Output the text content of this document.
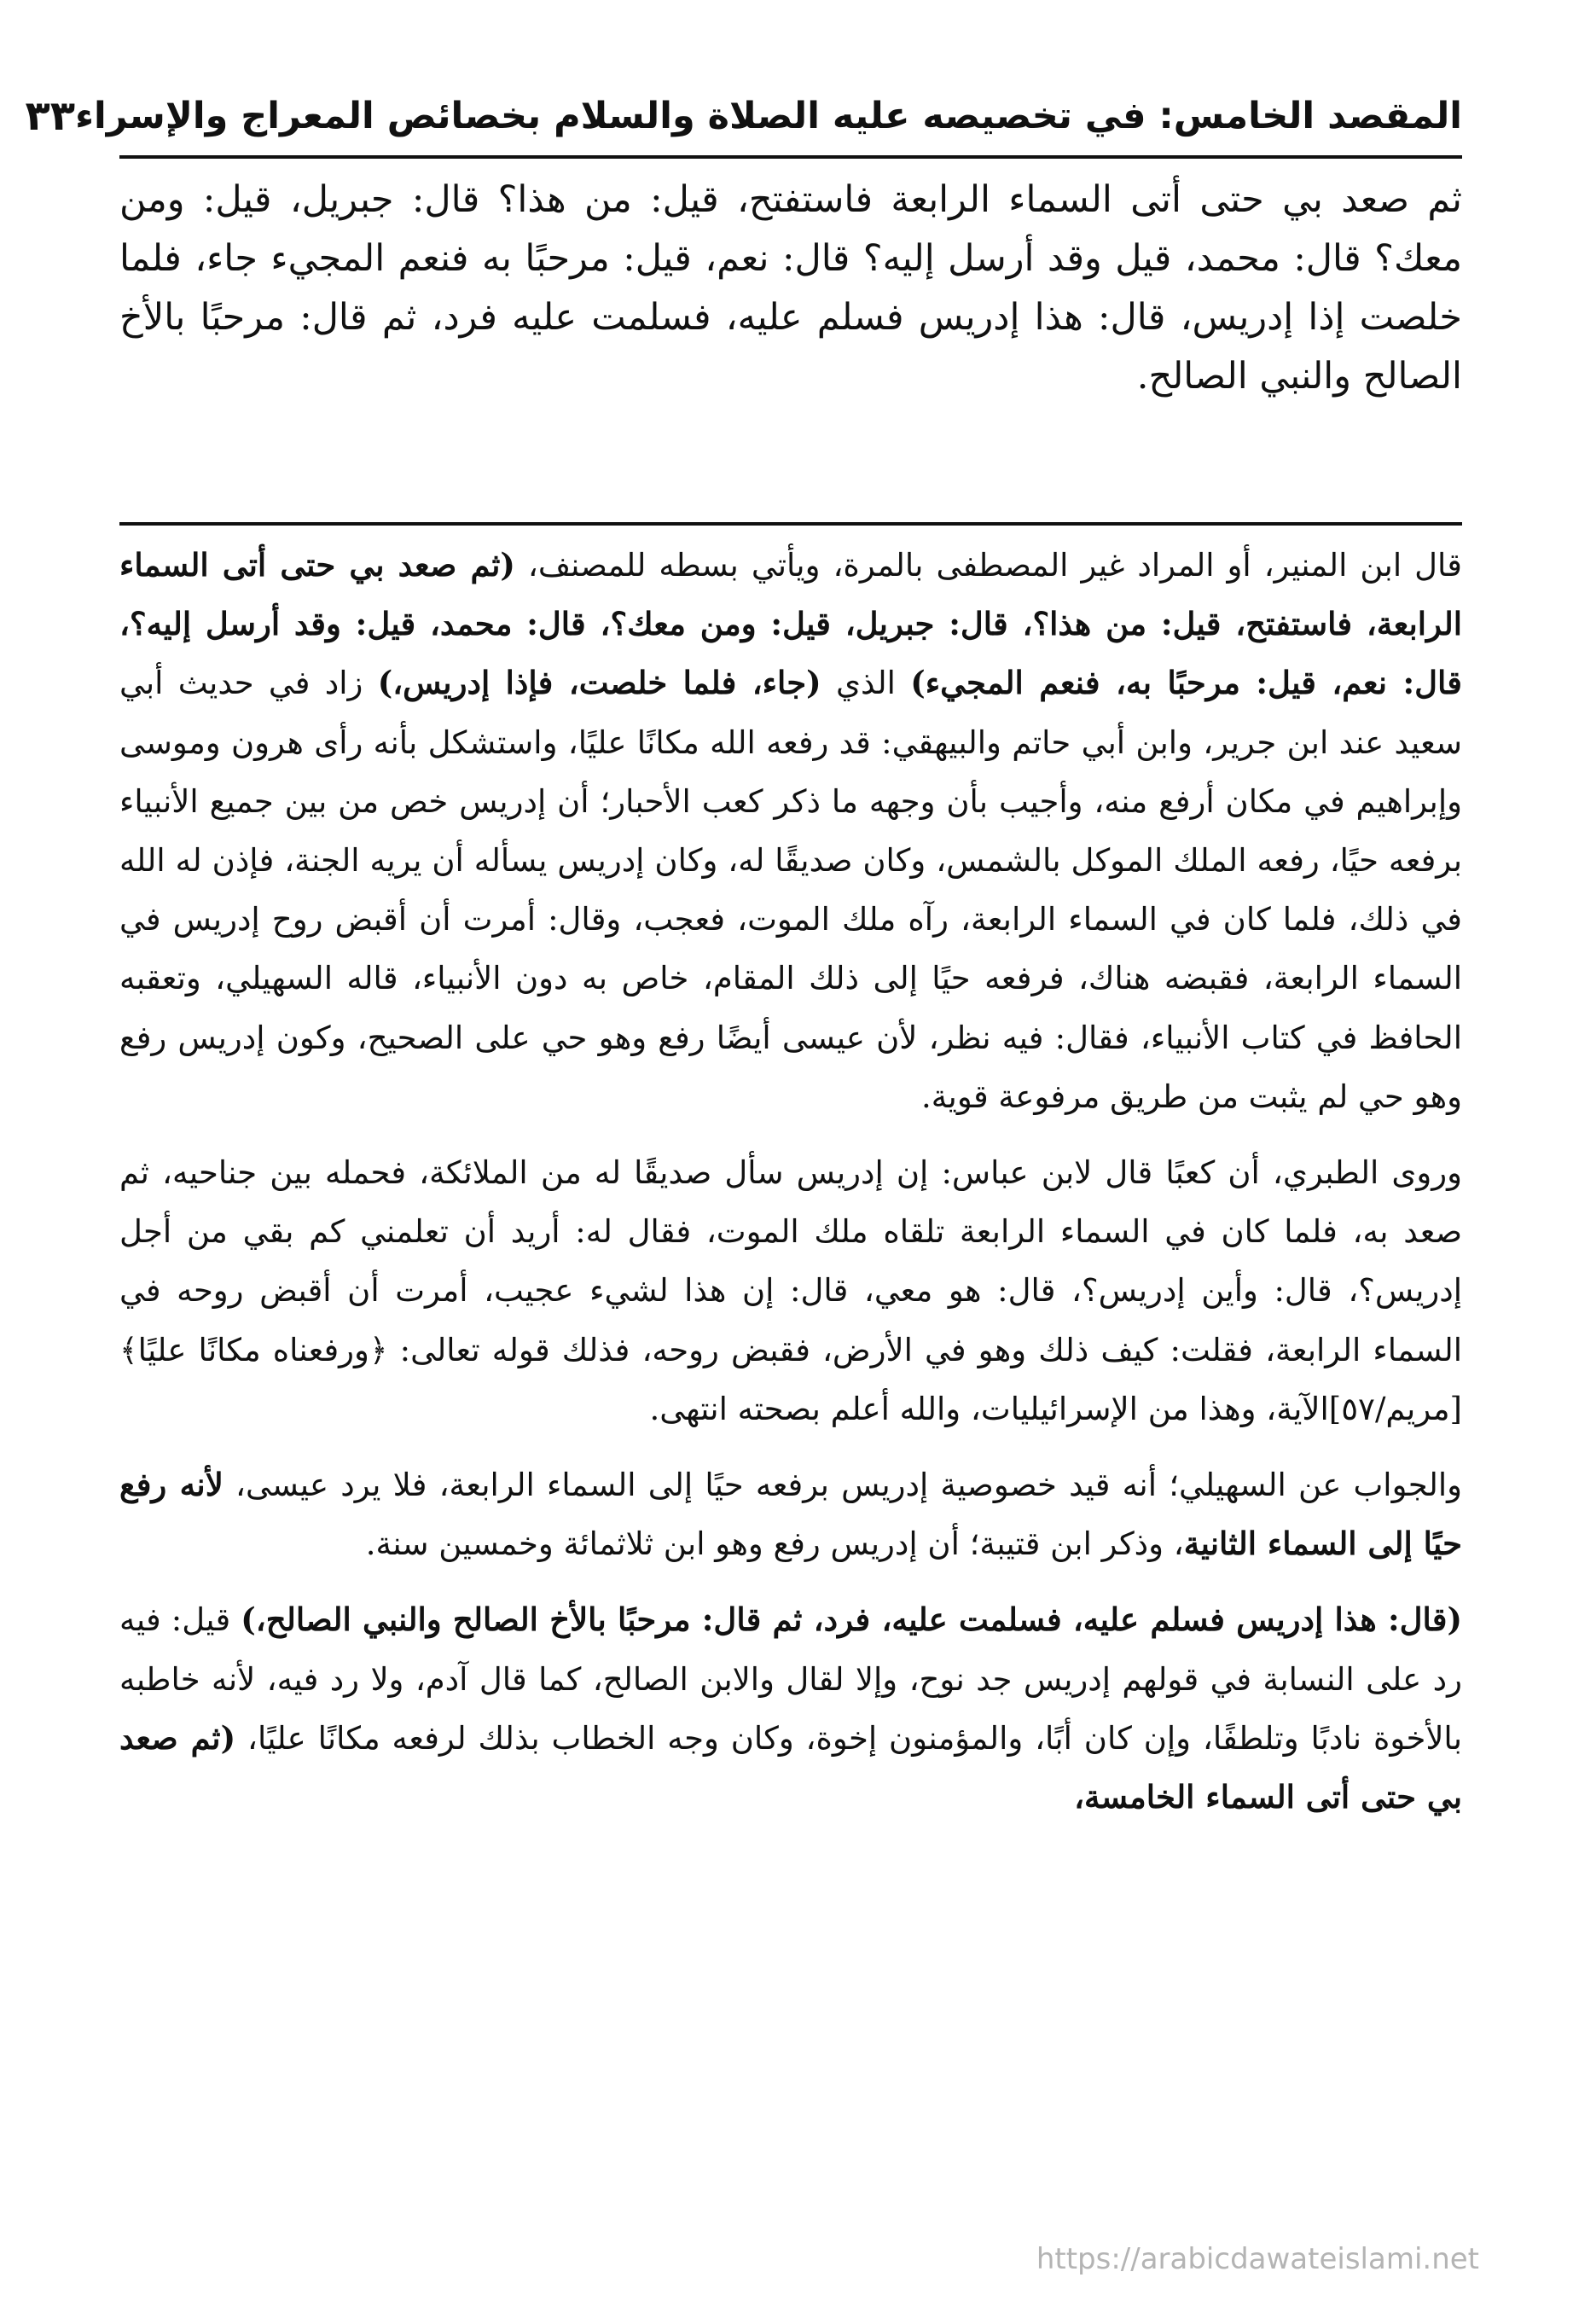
المقصد الخامس: في تخصيصه عليه الصلاة والسلام بخصائص المعراج والإسراء
٣٣

ثم صعد بي حتى أتى السماء الرابعة فاستفتح، قيل: من هذا؟ قال: جبريل، قيل: ومن معك؟ قال: محمد، قيل وقد أرسل إليه؟ قال: نعم، قيل: مرحبًا به فنعم المجيء جاء، فلما خلصت إذا إدريس، قال: هذا إدريس فسلم عليه، فسلمت عليه فرد، ثم قال: مرحبًا بالأخ الصالح والنبي الصالح.

قال ابن المنير، أو المراد غير المصطفى بالمرة، ويأتي بسطه للمصنف، (ثم صعد بي حتى أتى السماء الرابعة، فاستفتح، قيل: من هذا؟، قال: جبريل، قيل: ومن معك؟، قال: محمد، قيل: وقد أرسل إليه؟، قال: نعم، قيل: مرحبًا به، فنعم المجيء) الذي (جاء، فلما خلصت، فإذا إدريس،) زاد في حديث أبي سعيد عند ابن جرير، وابن أبي حاتم والبيهقي: قد رفعه الله مكانًا عليًا، واستشكل بأنه رأى هرون وموسى وإبراهيم في مكان أرفع منه، وأجيب بأن وجهه ما ذكر كعب الأحبار؛ أن إدريس خص من بين جميع الأنبياء برفعه حيًا، رفعه الملك الموكل بالشمس، وكان صديقًا له، وكان إدريس يسأله أن يريه الجنة، فإذن له الله في ذلك، فلما كان في السماء الرابعة، رآه ملك الموت، فعجب، وقال: أمرت أن أقبض روح إدريس في السماء الرابعة، فقبضه هناك، فرفعه حيًا إلى ذلك المقام، خاص به دون الأنبياء، قاله السهيلي، وتعقبه الحافظ في كتاب الأنبياء، فقال: فيه نظر، لأن عيسى أيضًا رفع وهو حي على الصحيح، وكون إدريس رفع وهو حي لم يثبت من طريق مرفوعة قوية.

وروى الطبري، أن كعبًا قال لابن عباس: إن إدريس سأل صديقًا له من الملائكة، فحمله بين جناحيه، ثم صعد به، فلما كان في السماء الرابعة تلقاه ملك الموت، فقال له: أريد أن تعلمني كم بقي من أجل إدريس؟، قال: وأين إدريس؟، قال: هو معي، قال: إن هذا لشيء عجيب، أمرت أن أقبض روحه في السماء الرابعة، فقلت: كيف ذلك وهو في الأرض، فقبض روحه، فذلك قوله تعالى: ﴿ورفعناه مكانًا عليًا﴾ [مريم/٥٧]الآية، وهذا من الإسرائيليات، والله أعلم بصحته انتهى.

والجواب عن السهيلي؛ أنه قيد خصوصية إدريس برفعه حيًا إلى السماء الرابعة، فلا يرد عيسى، لأنه رفع حيًا إلى السماء الثانية، وذكر ابن قتيبة؛ أن إدريس رفع وهو ابن ثلاثمائة وخمسين سنة.

(قال: هذا إدريس فسلم عليه، فسلمت عليه، فرد، ثم قال: مرحبًا بالأخ الصالح والنبي الصالح،) قيل: فيه رد على النسابة في قولهم إدريس جد نوح، وإلا لقال والابن الصالح، كما قال آدم، ولا رد فيه، لأنه خاطبه بالأخوة نادبًا وتلطفًا، وإن كان أبًا، والمؤمنون إخوة، وكان وجه الخطاب بذلك لرفعه مكانًا عليًا، (ثم صعد بي حتى أتى السماء الخامسة،

https://arabicdawateislami.net
